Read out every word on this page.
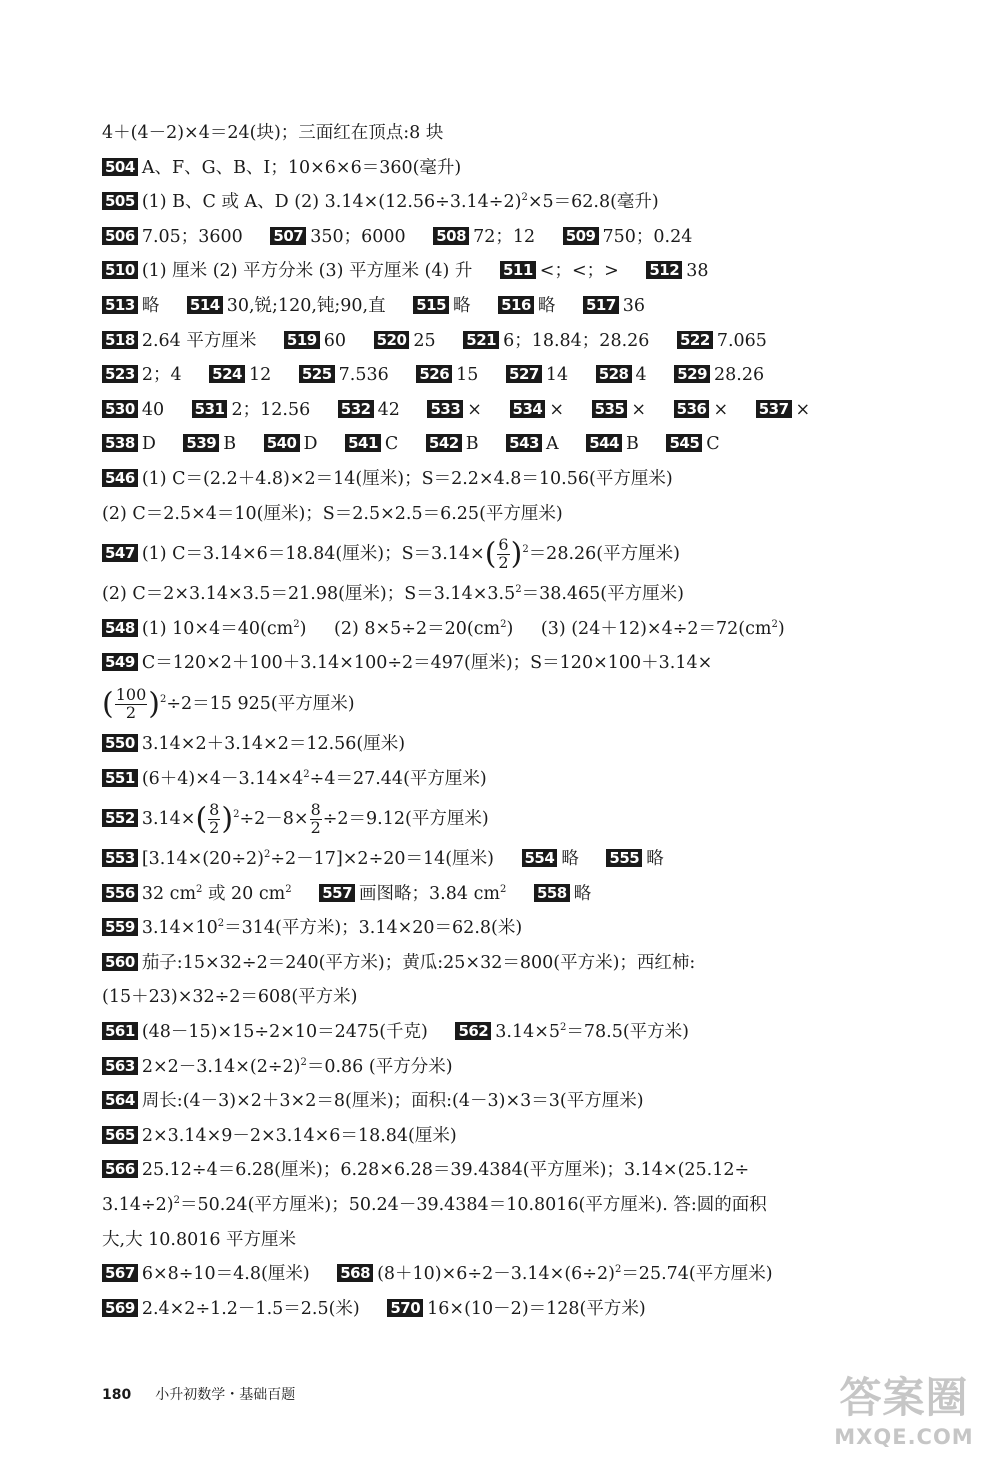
4＋(4－2)×4＝24(块)；三面红在顶点:8 块
504 A、F、G、B、I；10×6×6＝360(毫升)
505 (1) B、C 或 A、D (2) $3.14\times(12.56\div 3.14\div 2)^2\times 5=62.8$(毫升)
506 7.05；3600 507 350；6000 508 72；12 509 750；0.24
510 (1) 厘米 (2) 平方分米 (3) 平方厘米 (4) 升 511 <；<；> 512 38
513 略 514 30,锐;120,钝;90,直 515 略 516 略 517 36
518 2.64 平方厘米 519 60 520 25 521 6；18.84；28.26 522 7.065
523 2；4 524 12 525 7.536 526 15 527 14 528 4 529 28.26
530 40 531 2；12.56 532 42 533 × 534 × 535 × 536 × 537 ×
538 D 539 B 540 D 541 C 542 B 543 A 544 B 545 C
546 (1) C＝(2.2＋4.8)×2＝14(厘米)；S＝2.2×4.8＝10.56(平方厘米)
(2) C＝2.5×4＝10(厘米)；S＝2.5×2.5＝6.25(平方厘米)
547 (1) C＝3.14×6＝18.84(厘米)；$S=3.14\times( \frac{6}{2} )^2=28.26$(平方厘米)
(2) C＝2×3.14×3.5＝21.98(厘米)；$S=3.14\times 3.5^2=38.465$(平方厘米)
548 (1) $10\times 4=40(cm^2)$ (2) $8\times 5\div 2=20(cm^2)$ (3) $(24+12)\times 4\div 2=72(cm^2)$
549 C＝120×2＋100＋3.14×100÷2＝497(厘米)；S＝120×100＋3.14×
( $\frac{100}{2} )^2\div 2=15$ 925(平方厘米)
550 3.14×2＋3.14×2＝12.56(厘米)
551 $(6+4)\times 4-3.14\times 4^2\div 4=27.44$(平方厘米)
552 $3.14\times( \frac{8}{2} )^2\div 2-8\times \frac{8}{2} \div 2=9.12$(平方厘米)
553 $[3.14\times(20\div 2)^2\div 2-17]\times 2\div 20=14$(厘米) 554 略 555 略
556 32 $cm^2$ 或 20 $cm^2$ 557 画图略；3.84 $cm^2$ 558 略
559 $3.14\times 10^2=314$(平方米)；3.14×20＝62.8(米)
560 茄子:15×32÷2＝240(平方米)；黄瓜:25×32＝800(平方米)；西红柿:
(15＋23)×32÷2＝608(平方米)
561 (48－15)×15÷2×10＝2475(千克) 562 $3.14\times 5^2=78.5$(平方米)
563 $2\times 2-3.14\times(2\div 2)^2=0.86$ (平方分米)
564 周长:(4－3)×2＋3×2＝8(厘米)；面积:(4－3)×3＝3(平方厘米)
565 2×3.14×9－2×3.14×6＝18.84(厘米)
566 25.12÷4＝6.28(厘米)；6.28×6.28＝39.4384(平方厘米)；3.14×(25.12÷
3.14÷2)$^2$＝50.24(平方厘米)；50.24－39.4384＝10.8016(平方厘米). 答:圆的面积
大,大 10.8016 平方厘米
567 6×8÷10＝4.8(厘米) 568 $(8+10)\times 6\div 2-3.14\times(6\div 2)^2=25.74$(平方厘米)
569 2.4×2÷1.2－1.5＝2.5(米) 570 16×(10－2)＝128(平方米)
180 小升初数学・基础百题	答案圈
MXQE.COM
